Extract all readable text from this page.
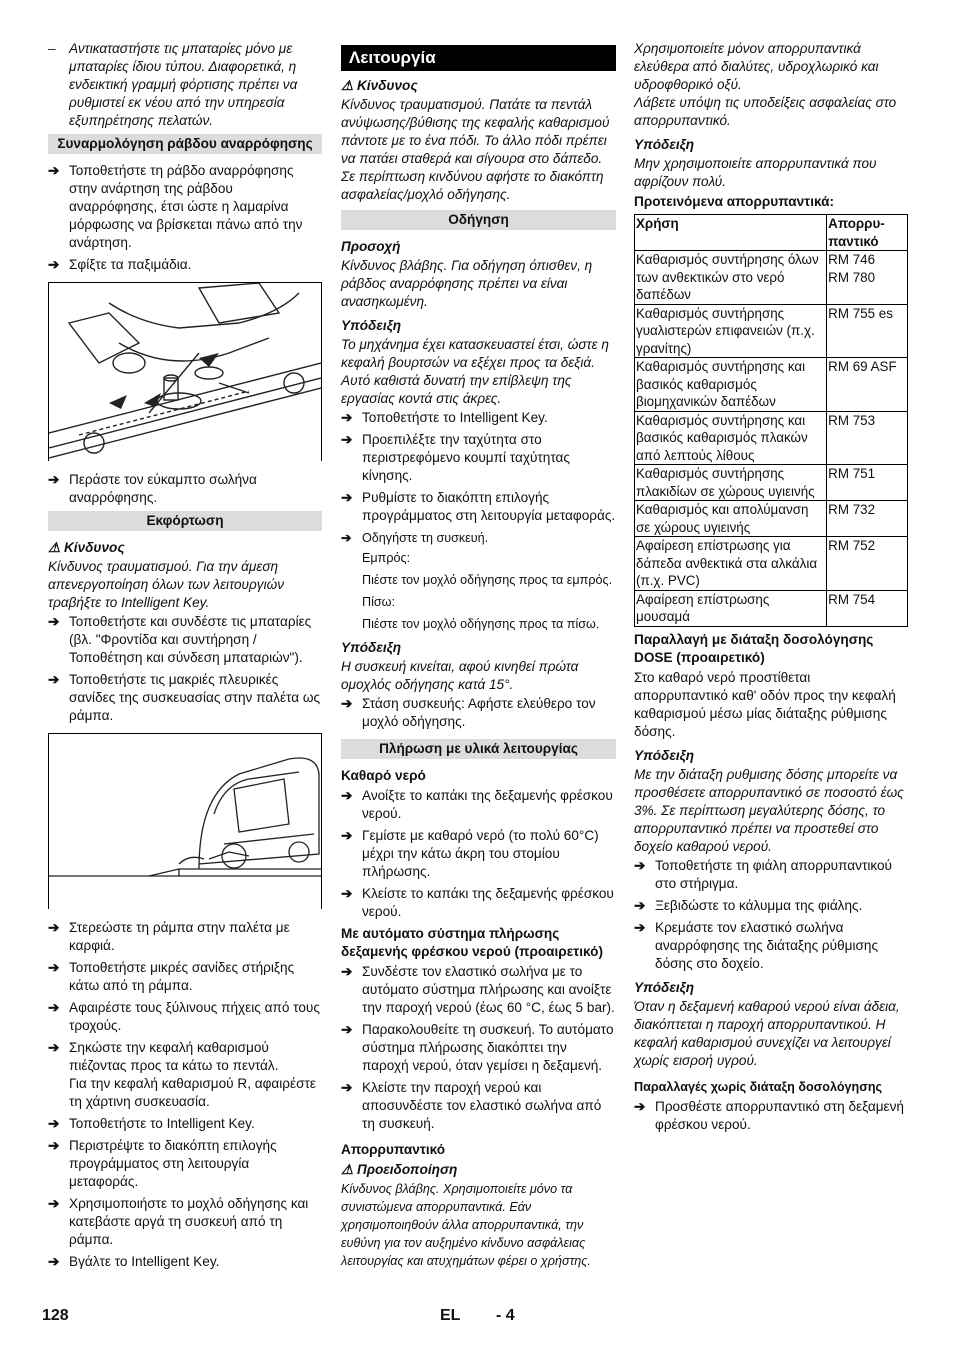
– Αντικαταστήστε τις μπαταρίες μόνο με μπαταρίες ίδιου τύπου. Διαφορετικά, η ενδεικτική γραμμή φόρτισης πρέπει να ρυθμιστεί εκ νέου από την υπηρεσία εξυπηρέτησης πελατών.
Συναρμολόγηση ράβδου αναρρόφησης
➔ Τοποθετήστε τη ράβδο αναρρόφησης στην ανάρτηση της ράβδου αναρρόφησης, έτσι ώστε η λαμαρίνα μόρφωσης να βρίσκεται πάνω από την ανάρτηση.
➔ Σφίξτε τα παξιμάδια.
➔ Περάστε τον εύκαμπτο σωλήνα αναρρόφησης.
Εκφόρτωση
⚠ Κίνδυνος

Κίνδυνος τραυματισμού. Για την άμεση απενεργοποίηση όλων των λειτουργιών τραβήξτε το Intelligent Key.

➔ Τοποθετήστε και συνδέστε τις μπαταρίες (βλ. "Φροντίδα και συντήρηση /Τοποθέτηση και σύνδεση μπαταριών").
➔ Τοποθετήστε τις μακριές πλευρικές σανίδες της συσκευασίας στην παλέτα ως ράμπα.
➔ Στερεώστε τη ράμπα στην παλέτα με καρφιά.
➔ Τοποθετήστε μικρές σανίδες στήριξης κάτω από τη ράμπα.
➔ Αφαιρέστε τους ξύλινους πήχεις από τους τροχούς.
➔ Σηκώστε την κεφαλή καθαρισμού πιέζοντας προς τα κάτω το πεντάλ.

Για την κεφαλή καθαρισμού R, αφαιρέστε τη χάρτινη συσκευασία.

➔ Τοποθετήστε το Intelligent Key.
➔ Περιστρέψτε το διακόπτη επιλογής προγράμματος στη λειτουργία μεταφοράς.
➔ Χρησιμοποιήστε το μοχλό οδήγησης και κατεβάστε αργά τη συσκευή από τη ράμπα.
➔ Βγάλτε το Intelligent Key.
Λειτουργία
⚠ Κίνδυνος

Κίνδυνος τραυματισμού. Πατάτε τα πεντάλ ανύψωσης/βύθισης της κεφαλής καθαρισμού πάντοτε με το ένα πόδι. Το άλλο πόδι πρέπει να πατάει σταθερά και σίγουρα στο δάπεδο.

Σε περίπτωση κινδύνου αφήστε το διακόπτη ασφαλείας/μοχλό οδήγησης.

Οδήγηση
Προσοχή

Κίνδυνος βλάβης. Για οδήγηση όπισθεν, η ράβδος αναρρόφησης πρέπει να είναι ανασηκωμένη.

Υπόδειξη

Το μηχάνημα έχει κατασκευαστεί έτσι, ώστε η κεφαλή βουρτσών να εξέχει προς τα δεξιά. Αυτό καθιστά δυνατή την επίβλεψη της εργασίας κοντά στις άκρες.

➔ Τοποθετήστε το Intelligent Key.
➔ Προεπιλέξτε την ταχύτητα στο περιστρεφόμενο κουμπί ταχύτητας κίνησης.
➔ Ρυθμίστε το διακόπτη επιλογής προγράμματος στη λειτουργία μεταφοράς.
➔ Οδηγήστε τη συσκευή.

Εμπρός:

Πιέστε τον μοχλό οδήγησης προς τα εμπρός.

Πίσω:

Πιέστε τον μοχλό οδήγησης προς τα πίσω.

Υπόδειξη

Η συσκευή κινείται, αφού κινηθεί πρώτα ομοχλός οδήγησης κατά 15°.

➔ Στάση συσκευής: Αφήστε ελεύθερο τον μοχλό οδήγησης.
Πλήρωση με υλικά λειτουργίας
Καθαρό νερό
➔ Ανοίξτε το καπάκι της δεξαμενής φρέσκου νερού.
➔ Γεμίστε με καθαρό νερό (το πολύ 60°C) μέχρι την κάτω άκρη του στομίου πλήρωσης.
➔ Κλείστε το καπάκι της δεξαμενής φρέσκου νερού.
Με αυτόματο σύστημα πλήρωσης δεξαμενής φρέσκου νερού (προαιρετικό)
➔ Συνδέστε τον ελαστικό σωλήνα με το αυτόματο σύστημα πλήρωσης και ανοίξτε την παροχή νερού (έως 60 °C, έως 5 bar).
➔ Παρακολουθείτε τη συσκευή. Το αυτόματο σύστημα πλήρωσης διακόπτει την παροχή νερού, όταν γεμίσει η δεξαμενή.
➔ Κλείστε την παροχή νερού και αποσυνδέστε τον ελαστικό σωλήνα από τη συσκευή.
Απορρυπαντικό
⚠ Προειδοποίηση

Κίνδυνος βλάβης. Χρησιμοποιείτε μόνο τα συνιστώμενα απορρυπαντικά. Εάν χρησιμοποιηθούν άλλα απορρυπαντικά, την ευθύνη για τον αυξημένο κίνδυνο ασφάλειας λειτουργίας και ατυχημάτων φέρει ο χρήστης.

Χρησιμοποιείτε μόνον απορρυπαντικά ελεύθερα από διαλύτες, υδροχλωρικό και υδροφθορικό οξύ.

Λάβετε υπόψη τις υποδείξεις ασφαλείας στο απορρυπαντικό.

Υπόδειξη

Μην χρησιμοποιείτε απορρυπαντικά που αφρίζουν πολύ.

Προτεινόμενα απορρυπαντικά:
Χρήση	Απορρυ-
παντικό
Καθαρισμός συντήρησης όλων των ανθεκτικών στο νερό δαπέδων	RM 746
RM 780
Καθαρισμός συντήρησης γυαλιστερών επιφανειών (π.χ. γρανίτης)	RM 755 es
Καθαρισμός συντήρησης και βασικός καθαρισμός βιομηχανικών δαπέδων	RM 69 ASF
Καθαρισμός συντήρησης και βασικός καθαρισμός πλακών από λεπτούς λίθους	RM 753
Καθαρισμός συντήρησης πλακιδίων σε χώρους υγιεινής	RM 751
Καθαρισμός και απολύμανση σε χώρους υγιεινής	RM 732
Αφαίρεση επίστρωσης για δάπεδα ανθεκτικά στα αλκάλια (π.χ. PVC)	RM 752
Αφαίρεση επίστρωσης μουσαμά	RM 754
Παραλλαγή με διάταξη δοσολόγησης DOSE (προαιρετικό)

Στο καθαρό νερό προστίθεται απορρυπαντικό καθ' οδόν προς την κεφαλή καθαρισμού μέσω μίας διάταξης ρύθμισης δόσης.

Υπόδειξη

Με την διάταξη ρυθμισης δόσης μπορείτε να προσθέσετε απορρυπαντικό σε ποσοστό έως 3%. Σε περίπτωση μεγαλύτερης δόσης, το απορρυπαντικό πρέπει να προστεθεί στο δοχείο καθαρού νερού.

➔ Τοποθετήστε τη φιάλη απορρυπαντικού στο στήριγμα.
➔ Ξεβιδώστε το κάλυμμα της φιάλης.
➔ Κρεμάστε τον ελαστικό σωλήνα αναρρόφησης της διάταξης ρύθμισης δόσης στο δοχείο.
Υπόδειξη

Όταν η δεξαμενή καθαρού νερού είναι άδεια, διακόπτεται η παροχή απορρυπαντικού. Η κεφαλή καθαρισμού συνεχίζει να λειτουργεί χωρίς εισροή υγρού.

Παραλλαγές χωρίς διάταξη δοσολόγησης
➔ Προσθέστε απορρυπαντικό στη δεξαμενή φρέσκου νερού.
128	EL - 4
